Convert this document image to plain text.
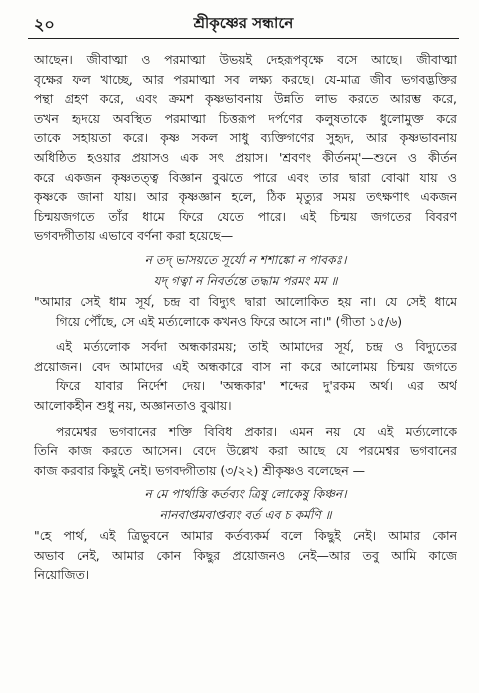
২০	শ্রীকৃষ্ণের সন্ধানে
আছেন। জীবাত্মা ও পরমাত্মা উভয়ই দেহরূপবৃক্ষে বসে আছে। জীবাত্মা
বৃক্ষের ফল খাচ্ছে, আর পরমাত্মা সব লক্ষ্য করছে। যে-মাত্র জীব ভগবদ্ভক্তির
পন্থা গ্রহণ করে, এবং ক্রমশ কৃষ্ণভাবনায় উন্নতি লাভ করতে আরম্ভ করে,
তখন হৃদয়ে অবস্থিত পরমাত্মা চিত্তরূপ দর্পণের কলুষতাকে ধুলোমুক্ত করে
তাকে সহায়তা করে। কৃষ্ণ সকল সাধু ব্যক্তিগণের সুহৃদ, আর কৃষ্ণভাবনায়
অধিষ্ঠিত হওয়ার প্রয়াসও এক সৎ প্রয়াস। 'শ্রবণং কীর্তনম্'—শুনে ও কীর্তন
করে একজন কৃষ্ণতত্ত্ব বিজ্ঞান বুঝতে পারে এবং তার দ্বারা বোঝা যায় ও
কৃষ্ণকে জানা যায়। আর কৃষ্ণজ্ঞান হলে, ঠিক মৃত্যুর সময় তৎক্ষণাৎ একজন
চিন্ময়জগতে তাঁর ধামে ফিরে যেতে পারে। এই চিন্ময় জগতের বিবরণ
ভগবদ্গীতায় এভাবে বর্ণনা করা হয়েছে—
ন তদ্ ভাসয়তে সূর্যো ন শশাঙ্কো ন পাবকঃ।
যদ্ গত্বা ন নিবর্তন্তে তদ্ধাম পরমং মম ॥
"আমার সেই ধাম সূর্য, চন্দ্র বা বিদ্যুৎ দ্বারা আলোকিত হয় না। যে সেই ধামে
গিয়ে পৌঁছে, সে এই মর্ত্যলোকে কখনও ফিরে আসে না।" (গীতা ১৫/৬)
এই মর্ত্যলোক সর্বদা অন্ধকারময়; তাই আমাদের সূর্য, চন্দ্র ও বিদ্যুতের
প্রয়োজন। বেদ আমাদের এই অন্ধকারে বাস না করে আলোময় চিন্ময় জগতে
ফিরে যাবার নির্দেশ দেয়। 'অন্ধকার' শব্দের দু'রকম অর্থ। এর অর্থ
আলোকহীন শুধু নয়, অজ্ঞানতাও বুঝায়।
পরমেশ্বর ভগবানের শক্তি বিবিধ প্রকার। এমন নয় যে এই মর্ত্যলোকে
তিনি কাজ করতে আসেন। বেদে উল্লেখ করা আছে যে পরমেশ্বর ভগবানের
কাজ করবার কিছুই নেই। ভগবদ্গীতায় (৩/২২) শ্রীকৃষ্ণও বলেছেন —
ন মে পার্থাস্তি কর্তব্যং ত্রিষু লোকেষু কিঞ্চন।
নানবাপ্তমবাপ্তব্যং বর্ত এব চ কর্মণি ॥
"হে পার্থ, এই ত্রিভুবনে আমার কর্তব্যকর্ম বলে কিছুই নেই। আমার কোন
অভাব নেই, আমার কোন কিছুর প্রয়োজনও নেই—আর তবু আমি কাজে
নিয়োজিত।
